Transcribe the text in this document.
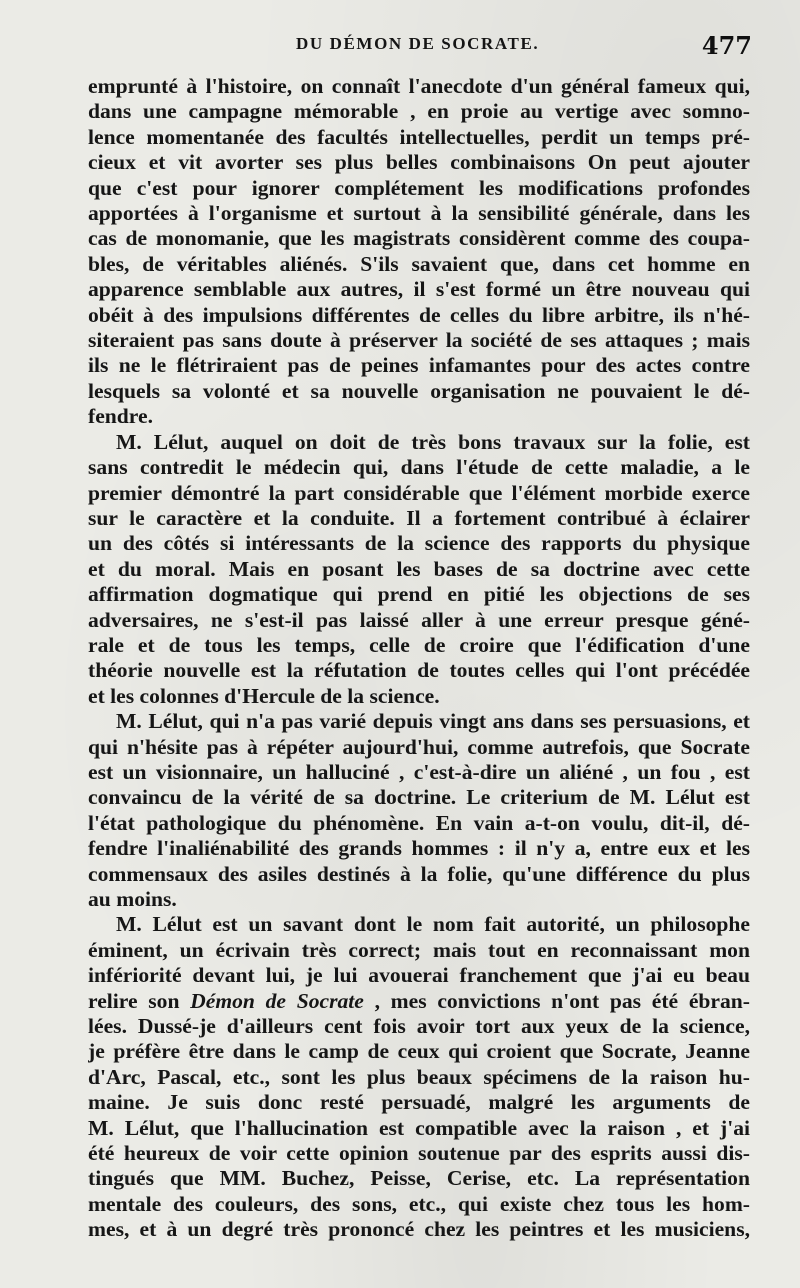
DU DÉMON DE SOCRATE.	477
emprunté à l'histoire, on connaît l'anecdote d'un général fameux qui,
dans une campagne mémorable , en proie au vertige avec somno-
lence momentanée des facultés intellectuelles, perdit un temps pré-
cieux et vit avorter ses plus belles combinaisons On peut ajouter
que c'est pour ignorer complétement les modifications profondes
apportées à l'organisme et surtout à la sensibilité générale, dans les
cas de monomanie, que les magistrats considèrent comme des coupa-
bles, de véritables aliénés. S'ils savaient que, dans cet homme en
apparence semblable aux autres, il s'est formé un être nouveau qui
obéit à des impulsions différentes de celles du libre arbitre, ils n'hé-
siteraient pas sans doute à préserver la société de ses attaques ; mais
ils ne le flétriraient pas de peines infamantes pour des actes contre
lesquels sa volonté et sa nouvelle organisation ne pouvaient le dé-
fendre.
M. Lélut, auquel on doit de très bons travaux sur la folie, est
sans contredit le médecin qui, dans l'étude de cette maladie, a le
premier démontré la part considérable que l'élément morbide exerce
sur le caractère et la conduite. Il a fortement contribué à éclairer
un des côtés si intéressants de la science des rapports du physique
et du moral. Mais en posant les bases de sa doctrine avec cette
affirmation dogmatique qui prend en pitié les objections de ses
adversaires, ne s'est-il pas laissé aller à une erreur presque géné-
rale et de tous les temps, celle de croire que l'édification d'une
théorie nouvelle est la réfutation de toutes celles qui l'ont précédée
et les colonnes d'Hercule de la science.
M. Lélut, qui n'a pas varié depuis vingt ans dans ses persuasions, et
qui n'hésite pas à répéter aujourd'hui, comme autrefois, que Socrate
est un visionnaire, un halluciné , c'est-à-dire un aliéné , un fou , est
convaincu de la vérité de sa doctrine. Le criterium de M. Lélut est
l'état pathologique du phénomène. En vain a-t-on voulu, dit-il, dé-
fendre l'inaliénabilité des grands hommes : il n'y a, entre eux et les
commensaux des asiles destinés à la folie, qu'une différence du plus
au moins.
M. Lélut est un savant dont le nom fait autorité, un philosophe
éminent, un écrivain très correct; mais tout en reconnaissant mon
infériorité devant lui, je lui avouerai franchement que j'ai eu beau
relire son Démon de Socrate , mes convictions n'ont pas été ébran-
lées. Dussé-je d'ailleurs cent fois avoir tort aux yeux de la science,
je préfère être dans le camp de ceux qui croient que Socrate, Jeanne
d'Arc, Pascal, etc., sont les plus beaux spécimens de la raison hu-
maine. Je suis donc resté persuadé, malgré les arguments de
M. Lélut, que l'hallucination est compatible avec la raison , et j'ai
été heureux de voir cette opinion soutenue par des esprits aussi dis-
tingués que MM. Buchez, Peisse, Cerise, etc. La représentation
mentale des couleurs, des sons, etc., qui existe chez tous les hom-
mes, et à un degré très prononcé chez les peintres et les musiciens,
